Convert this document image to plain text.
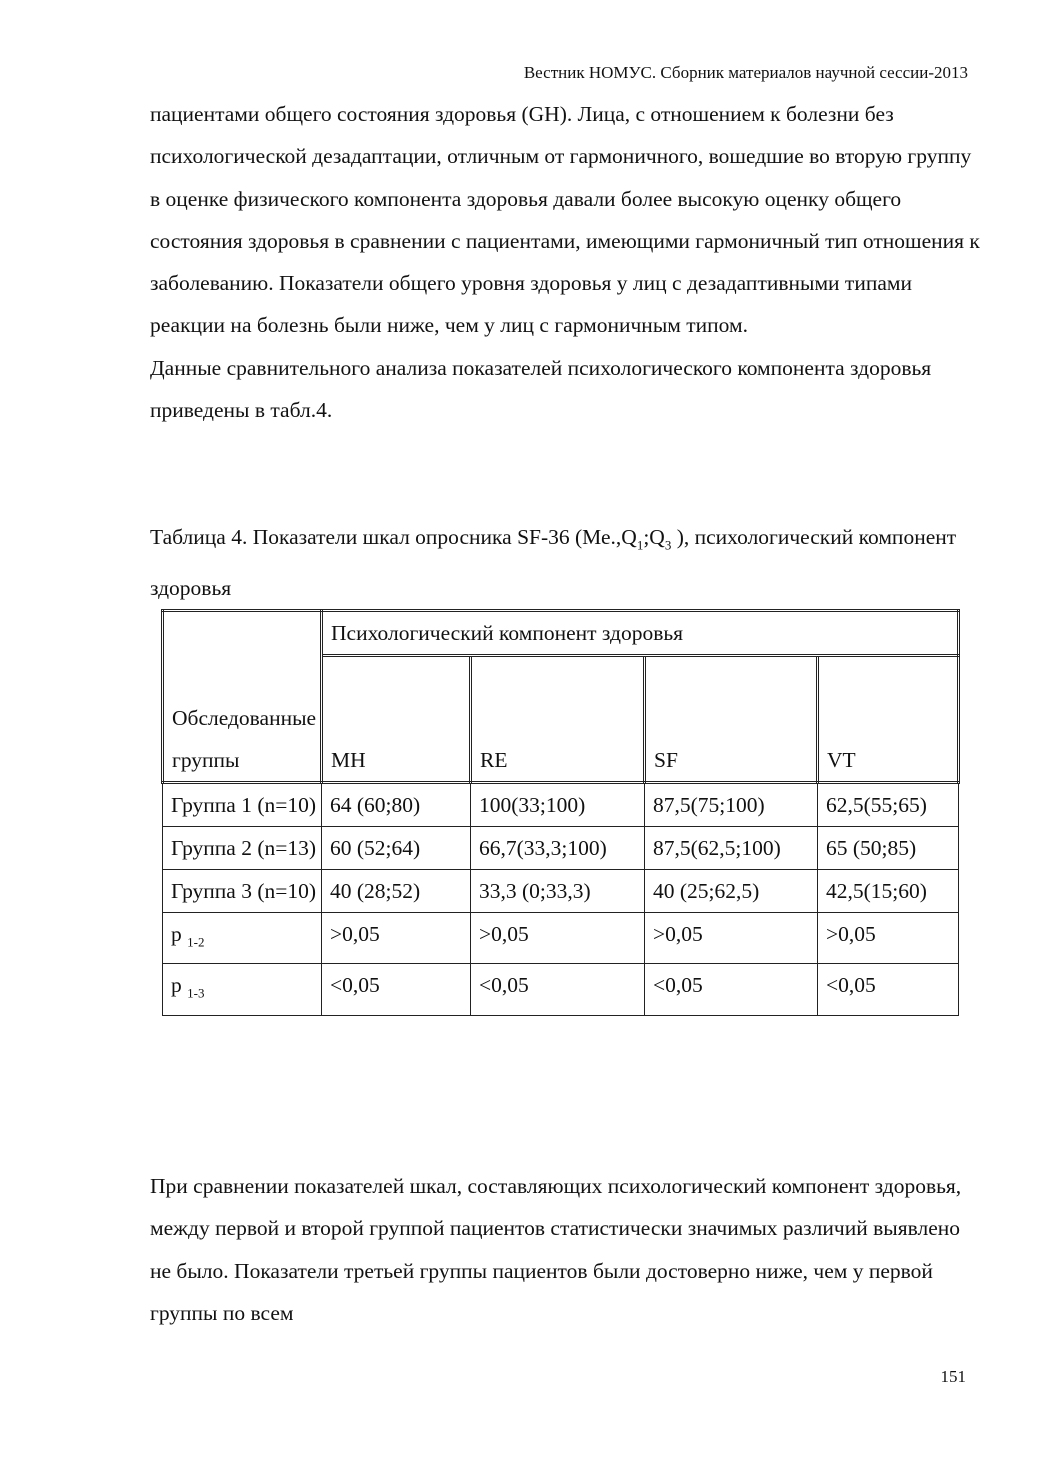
Вестник НОМУС. Сборник материалов научной сессии-2013

пациентами общего состояния здоровья (GH). Лица, с отношением к болезни без психологической дезадаптации, отличным от гармоничного, вошедшие во вторую группу в оценке физического компонента здоровья давали более высокую оценку общего состояния здоровья в сравнении с пациентами, имеющими гармоничный тип отношения к заболеванию. Показатели общего уровня здоровья у лиц с дезадаптивными типами реакции на болезнь были ниже, чем у лиц с гармоничным типом.

Данные сравнительного анализа показателей психологического компонента здоровья приведены в табл.4.

Таблица 4. Показатели шкал опросника SF-36 ($Ме.,Q_1;Q_3$ ), психологический компонент здоровья
Обследованные группы	Психологический компонент здоровья			
	MH	RE	SF	VT
Группа 1 (n=10)	64 (60;80)	100(33;100)	87,5(75;100)	62,5(55;65)
Группа 2 (n=13)	60 (52;64)	66,7(33,3;100)	87,5(62,5;100)	65 (50;85)
Группа 3 (n=10)	40 (28;52)	33,3 (0;33,3)	40 (25;62,5)	42,5(15;60)
p $_{1-2}$	>0,05	>0,05	>0,05	>0,05
p $_{1-3}$	<0,05	<0,05	<0,05	<0,05

При сравнении показателей шкал, составляющих психологический компонент здоровья, между первой и второй группой пациентов статистически значимых различий выявлено не было. Показатели третьей группы пациентов были достоверно ниже, чем у первой группы по всем

151
